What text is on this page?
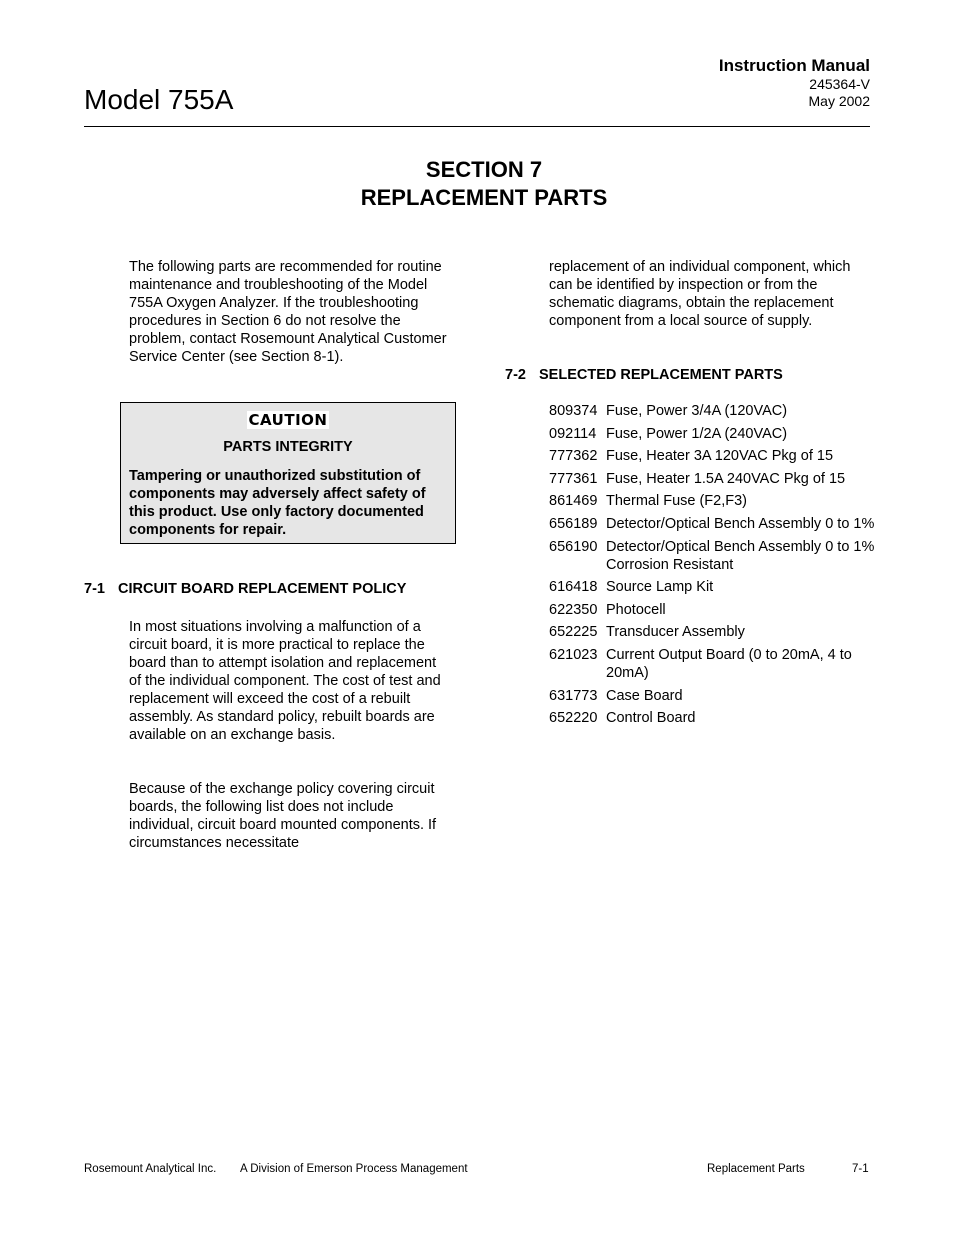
Model 755A
Instruction Manual
245364-V
May 2002
SECTION 7
REPLACEMENT PARTS
The following parts are recommended for routine maintenance and troubleshooting of the Model 755A Oxygen Analyzer. If the troubleshooting procedures in Section 6 do not resolve the problem, contact Rosemount Analytical Customer Service Center (see Section 8-1).
CAUTION
PARTS INTEGRITY
Tampering or unauthorized substitution of components may adversely affect safety of this product. Use only factory documented components for repair.
7-1 CIRCUIT BOARD REPLACEMENT POLICY
In most situations involving a malfunction of a circuit board, it is more practical to replace the board than to attempt isolation and replacement of the individual component. The cost of test and replacement will exceed the cost of a rebuilt assembly. As standard policy, rebuilt boards are available on an exchange basis.
Because of the exchange policy covering circuit boards, the following list does not include individual, circuit board mounted components. If circumstances necessitate
replacement of an individual component, which can be identified by inspection or from the schematic diagrams, obtain the replacement component from a local source of supply.
7-2 SELECTED REPLACEMENT PARTS
809374 Fuse, Power 3/4A (120VAC)
092114 Fuse, Power 1/2A (240VAC)
777362 Fuse, Heater 3A 120VAC Pkg of 15
777361 Fuse, Heater 1.5A 240VAC Pkg of 15
861469 Thermal Fuse (F2,F3)
656189 Detector/Optical Bench Assembly 0 to 1%
656190 Detector/Optical Bench Assembly 0 to 1% Corrosion Resistant
616418 Source Lamp Kit
622350 Photocell
652225 Transducer Assembly
621023 Current Output Board (0 to 20mA, 4 to 20mA)
631773 Case Board
652220 Control Board
Rosemount Analytical Inc. A Division of Emerson Process Management	Replacement Parts	7-1
